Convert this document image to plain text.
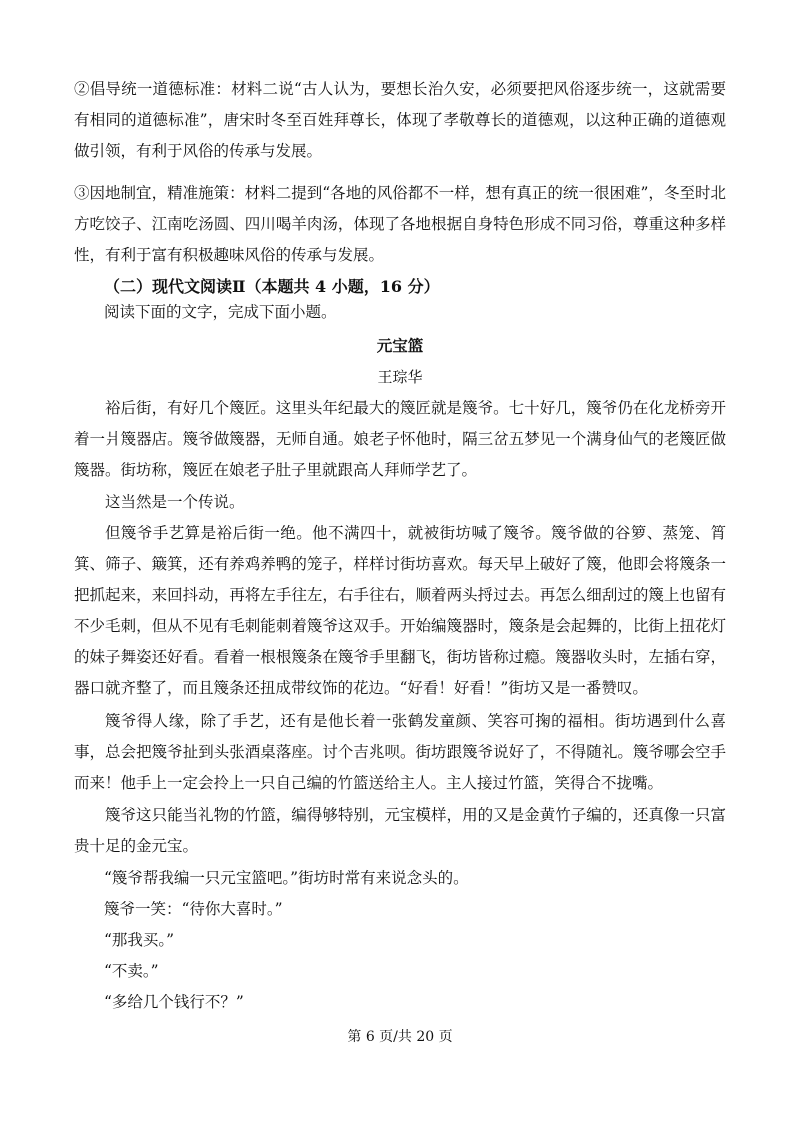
②倡导统一道德标准：材料二说“古人认为，要想长治久安，必须要把风俗逐步统一，这就需要有相同的道德标准”，唐宋时冬至百姓拜尊长，体现了孝敬尊长的道德观，以这种正确的道德观做引领，有利于风俗的传承与发展。

③因地制宜，精准施策：材料二提到“各地的风俗都不一样，想有真正的统一很困难”，冬至时北方吃饺子、江南吃汤圆、四川喝羊肉汤，体现了各地根据自身特色形成不同习俗，尊重这种多样性，有利于富有积极趣味风俗的传承与发展。

（二）现代文阅读Ⅱ（本题共 4 小题，16 分）

阅读下面的文字，完成下面小题。

元宝篮

王琮华

裕后街，有好几个篾匠。这里头年纪最大的篾匠就是篾爷。七十好几，篾爷仍在化龙桥旁开着一爿篾器店。篾爷做篾器，无师自通。娘老子怀他时，隔三岔五梦见一个满身仙气的老篾匠做篾器。街坊称，篾匠在娘老子肚子里就跟高人拜师学艺了。

这当然是一个传说。

但篾爷手艺算是裕后街一绝。他不满四十，就被街坊喊了篾爷。篾爷做的谷箩、蒸笼、筲箕、筛子、簸箕，还有养鸡养鸭的笼子，样样讨街坊喜欢。每天早上破好了篾，他即会将篾条一把抓起来，来回抖动，再将左手往左，右手往右，顺着两头捋过去。再怎么细刮过的篾上也留有不少毛刺，但从不见有毛刺能刺着篾爷这双手。开始编篾器时，篾条是会起舞的，比街上扭花灯的妹子舞姿还好看。看着一根根篾条在篾爷手里翻飞，街坊皆称过瘾。篾器收头时，左插右穿，器口就齐整了，而且篾条还扭成带纹饰的花边。“好看！好看！”街坊又是一番赞叹。

篾爷得人缘，除了手艺，还有是他长着一张鹤发童颜、笑容可掬的福相。街坊遇到什么喜事，总会把篾爷扯到头张酒桌落座。讨个吉兆呗。街坊跟篾爷说好了，不得随礼。篾爷哪会空手而来！他手上一定会拎上一只自己编的竹篮送给主人。主人接过竹篮，笑得合不拢嘴。

篾爷这只能当礼物的竹篮，编得够特别，元宝模样，用的又是金黄竹子编的，还真像一只富贵十足的金元宝。

“篾爷帮我编一只元宝篮吧。”街坊时常有来说念头的。

篾爷一笑：“待你大喜时。”

“那我买。”

“不卖。”

“多给几个钱行不？”

第 6 页/共 20 页
